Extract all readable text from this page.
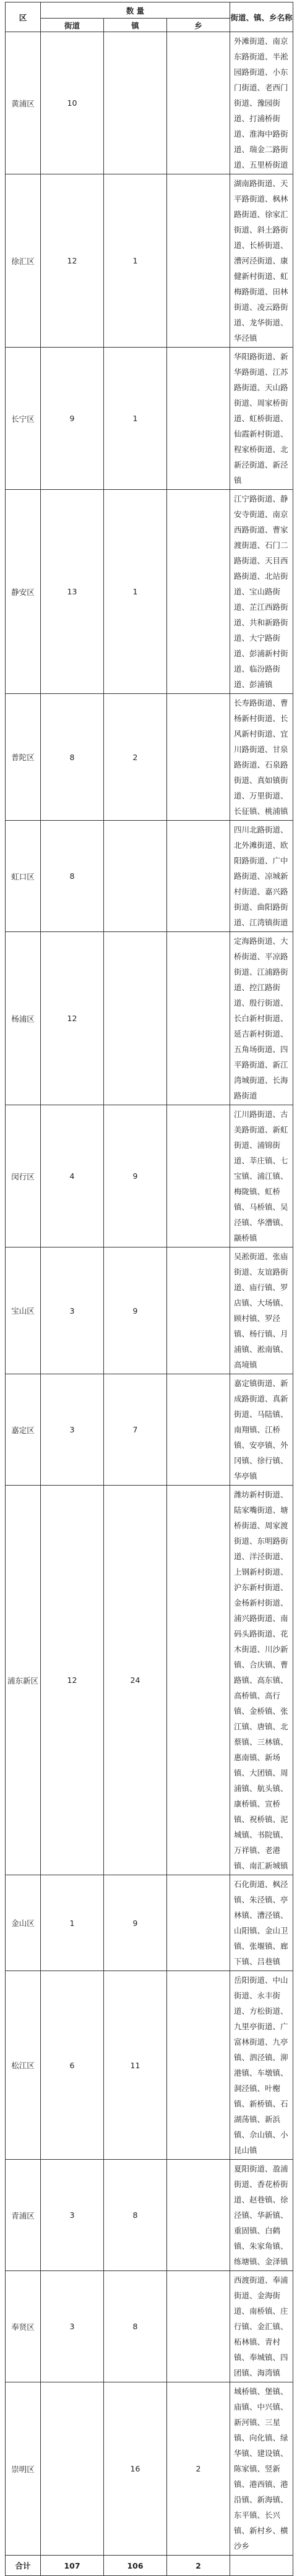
区	数 量			街道、镇、乡名称
	街道	镇	乡	
黄浦区	10			外滩街道、南京东路街道、半淞园路街道、小东门街道、老西门街道、豫园街道、打浦桥街道、淮海中路街道、瑞金二路街道、五里桥街道
徐汇区	12	1		湖南路街道、天平路街道、枫林路街道、徐家汇街道、斜土路街道、长桥街道、漕河泾街道、康健新村街道、虹梅路街道、田林街道、凌云路街道、龙华街道、华泾镇
长宁区	9	1		华阳路街道、新华路街道、江苏路街道、天山路街道、周家桥街道、虹桥街道、仙霞新村街道、程家桥街道、北新泾街道、新泾镇
静安区	13	1		江宁路街道、静安寺街道、南京西路街道、曹家渡街道、石门二路街道、天目西路街道、北站街道、宝山路街道、芷江西路街道、共和新路街道、大宁路街道、彭浦新村街道、临汾路街道、彭浦镇
普陀区	8	2		长寿路街道、曹杨新村街道、长风新村街道、宜川路街道、甘泉路街道、石泉路街道、真如镇街道、万里街道、长征镇、桃浦镇
虹口区	8			四川北路街道、北外滩街道、欧阳路街道、广中路街道、凉城新村街道、嘉兴路街道、曲阳路街道、江湾镇街道
杨浦区	12			定海路街道、大桥街道、平凉路街道、江浦路街道、控江路街道、殷行街道、长白新村街道、延吉新村街道、五角场街道、四平路街道、新江湾城街道、长海路街道
闵行区	4	9		江川路街道、古美路街道、新虹街道、浦锦街道、莘庄镇、七宝镇、浦江镇、梅陇镇、虹桥镇、马桥镇、吴泾镇、华漕镇、颛桥镇
宝山区	3	9		吴淞街道、张庙街道、友谊路街道、庙行镇、罗店镇、大场镇、顾村镇、罗泾镇、杨行镇、月浦镇、淞南镇、高境镇
嘉定区	3	7		嘉定镇街道、新成路街道、真新街道、马陆镇、南翔镇、江桥镇、安亭镇、外冈镇、徐行镇、华亭镇
浦东新区	12	24		潍坊新村街道、陆家嘴街道、塘桥街道、周家渡街道、东明路街道、洋泾街道、上钢新村街道、沪东新村街道、金杨新村街道、浦兴路街道、南码头路街道、花木街道、川沙新镇、合庆镇、曹路镇、高东镇、高桥镇、高行镇、金桥镇、张江镇、唐镇、北蔡镇、三林镇、惠南镇、新场镇、大团镇、周浦镇、航头镇、康桥镇、宣桥镇、祝桥镇、泥城镇、书院镇、万祥镇、老港镇、南汇新城镇
金山区	1	9		石化街道、枫泾镇、朱泾镇、亭林镇、漕泾镇、山阳镇、金山卫镇、张堰镇、廊下镇、吕巷镇
松江区	6	11		岳阳街道、中山街道、永丰街道、方松街道、九里亭街道、广富林街道、九亭镇、泗泾镇、泖港镇、车墩镇、洞泾镇、叶榭镇、新桥镇、石湖荡镇、新浜镇、佘山镇、小昆山镇
青浦区	3	8		夏阳街道、盈浦街道、香花桥街道、赵巷镇、徐泾镇、华新镇、重固镇、白鹤镇、朱家角镇、练塘镇、金泽镇
奉贤区	3	8		西渡街道、奉浦街道、金海街道、南桥镇、庄行镇、金汇镇、柘林镇、青村镇、奉城镇、四团镇、海湾镇
崇明区		16	2	城桥镇、堡镇、庙镇、中兴镇、新河镇、三星镇、向化镇、绿华镇、建设镇、陈家镇、竖新镇、港西镇、港沿镇、新海镇、东平镇、长兴镇、新村乡、横沙乡
合计	107	106	2	
